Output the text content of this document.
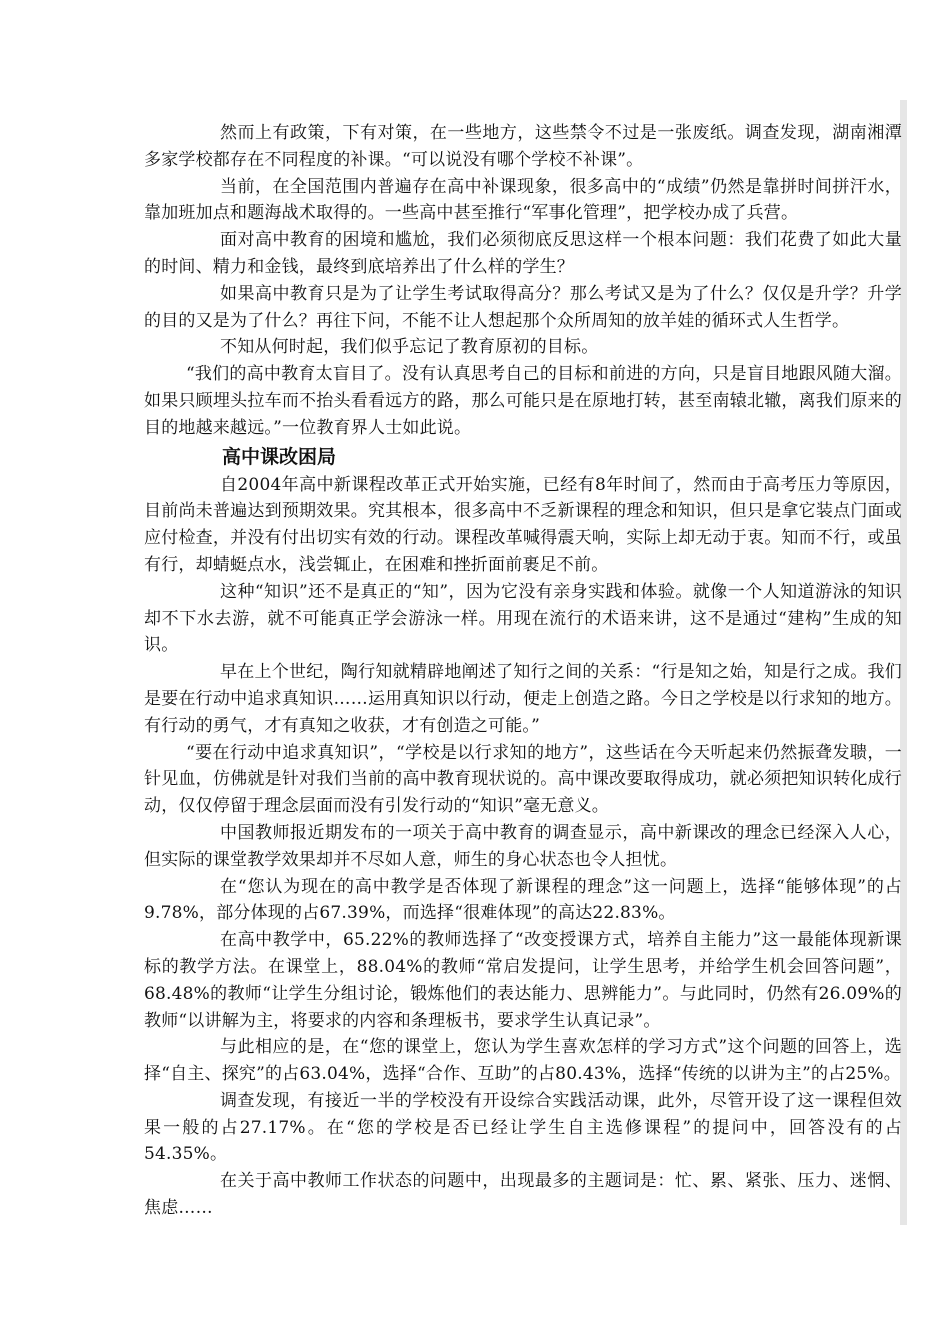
然而上有政策，下有对策，在一些地方，这些禁令不过是一张废纸。调查发现，湖南湘潭多家学校都存在不同程度的补课。“可以说没有哪个学校不补课”。

当前，在全国范围内普遍存在高中补课现象，很多高中的“成绩”仍然是靠拼时间拼汗水，靠加班加点和题海战术取得的。一些高中甚至推行“军事化管理”，把学校办成了兵营。

面对高中教育的困境和尴尬，我们必须彻底反思这样一个根本问题：我们花费了如此大量的时间、精力和金钱，最终到底培养出了什么样的学生？

如果高中教育只是为了让学生考试取得高分？那么考试又是为了什么？仅仅是升学？升学的目的又是为了什么？再往下问，不能不让人想起那个众所周知的放羊娃的循环式人生哲学。

不知从何时起，我们似乎忘记了教育原初的目标。

“我们的高中教育太盲目了。没有认真思考自己的目标和前进的方向，只是盲目地跟风随大溜。如果只顾埋头拉车而不抬头看看远方的路，那么可能只是在原地打转，甚至南辕北辙，离我们原来的目的地越来越远。”一位教育界人士如此说。

高中课改困局

自2004年高中新课程改革正式开始实施，已经有8年时间了，然而由于高考压力等原因，目前尚未普遍达到预期效果。究其根本，很多高中不乏新课程的理念和知识，但只是拿它装点门面或应付检查，并没有付出切实有效的行动。课程改革喊得震天响，实际上却无动于衷。知而不行，或虽有行，却蜻蜓点水，浅尝辄止，在困难和挫折面前裹足不前。

这种“知识”还不是真正的“知”，因为它没有亲身实践和体验。就像一个人知道游泳的知识却不下水去游，就不可能真正学会游泳一样。用现在流行的术语来讲，这不是通过“建构”生成的知识。

早在上个世纪，陶行知就精辟地阐述了知行之间的关系：“行是知之始，知是行之成。我们是要在行动中追求真知识……运用真知识以行动，便走上创造之路。今日之学校是以行求知的地方。有行动的勇气，才有真知之收获，才有创造之可能。”

“要在行动中追求真知识”，“学校是以行求知的地方”，这些话在今天听起来仍然振聋发聩，一针见血，仿佛就是针对我们当前的高中教育现状说的。高中课改要取得成功，就必须把知识转化成行动，仅仅停留于理念层面而没有引发行动的“知识”毫无意义。

中国教师报近期发布的一项关于高中教育的调查显示，高中新课改的理念已经深入人心，但实际的课堂教学效果却并不尽如人意，师生的身心状态也令人担忧。

在“您认为现在的高中教学是否体现了新课程的理念”这一问题上，选择“能够体现”的占9.78%，部分体现的占67.39%，而选择“很难体现”的高达22.83%。

在高中教学中，65.22%的教师选择了“改变授课方式，培养自主能力”这一最能体现新课标的教学方法。在课堂上，88.04%的教师“常启发提问，让学生思考，并给学生机会回答问题”，68.48%的教师“让学生分组讨论，锻炼他们的表达能力、思辨能力”。与此同时，仍然有26.09%的教师“以讲解为主，将要求的内容和条理板书，要求学生认真记录”。

与此相应的是，在“您的课堂上，您认为学生喜欢怎样的学习方式”这个问题的回答上，选择“自主、探究”的占63.04%，选择“合作、互助”的占80.43%，选择“传统的以讲为主”的占25%。

调查发现，有接近一半的学校没有开设综合实践活动课，此外，尽管开设了这一课程但效果一般的占27.17%。在“您的学校是否已经让学生自主选修课程”的提问中，回答没有的占54.35%。

在关于高中教师工作状态的问题中，出现最多的主题词是：忙、累、紧张、压力、迷惘、焦虑……
